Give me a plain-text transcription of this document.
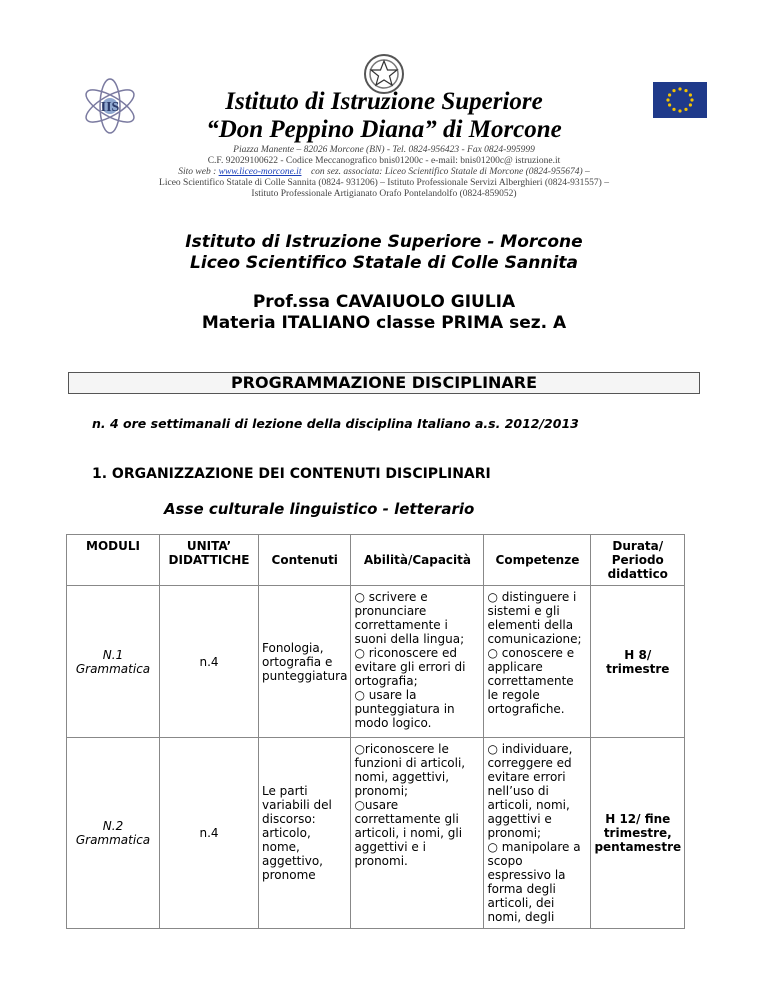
IIS	Istituto di Istruzione Superiore
“Don Peppino Diana” di Morcone
Piazza Manente – 82026 Morcone (BN) - Tel. 0824-956423 - Fax 0824-995999
C.F. 92029100622 - Codice Meccanografico bnis01200c - e-mail: bnis01200c@ istruzione.it
Sito web : www.liceo-morcone.it con sez. associata: Liceo Scientifico Statale di Morcone (0824-955674) –
Liceo Scientifico Statale di Colle Sannita (0824- 931206) – Istituto Professionale Servizi Alberghieri (0824-931557) –
Istituto Professionale Artigianato Orafo Pontelandolfo (0824-859052)
Istituto di Istruzione Superiore - Morcone
Liceo Scientifico Statale di Colle Sannita
Prof.ssa CAVAIUOLO GIULIA
Materia ITALIANO classe PRIMA sez. A
PROGRAMMAZIONE DISCIPLINARE
n. 4 ore settimanali di lezione della disciplina Italiano a.s. 2012/2013
1. ORGANIZZAZIONE DEI CONTENUTI DISCIPLINARI
Asse culturale linguistico - letterario
MODULI	UNITA’ DIDATTICHE	Contenuti	Abilità/Capacità	Competenze	Durata/ Periodo didattico
N.1 Grammatica	n.4	Fonologia, ortografia e punteggiatura	○ scrivere e pronunciare correttamente i suoni della lingua;
○ riconoscere ed evitare gli errori di ortografia;
○ usare la punteggiatura in modo logico.	○ distinguere i sistemi e gli elementi della comunicazione;
○ conoscere e applicare correttamente le regole ortografiche.	H 8/ trimestre
N.2 Grammatica	n.4	Le parti variabili del discorso: articolo, nome, aggettivo, pronome	○riconoscere le funzioni di articoli, nomi, aggettivi, pronomi;
○usare correttamente gli articoli, i nomi, gli aggettivi e i pronomi.	○ individuare, correggere ed evitare errori nell’uso di articoli, nomi, aggettivi e pronomi;
○ manipolare a scopo espressivo la forma degli articoli, dei nomi, degli	H 12/ fine trimestre, pentamestre
